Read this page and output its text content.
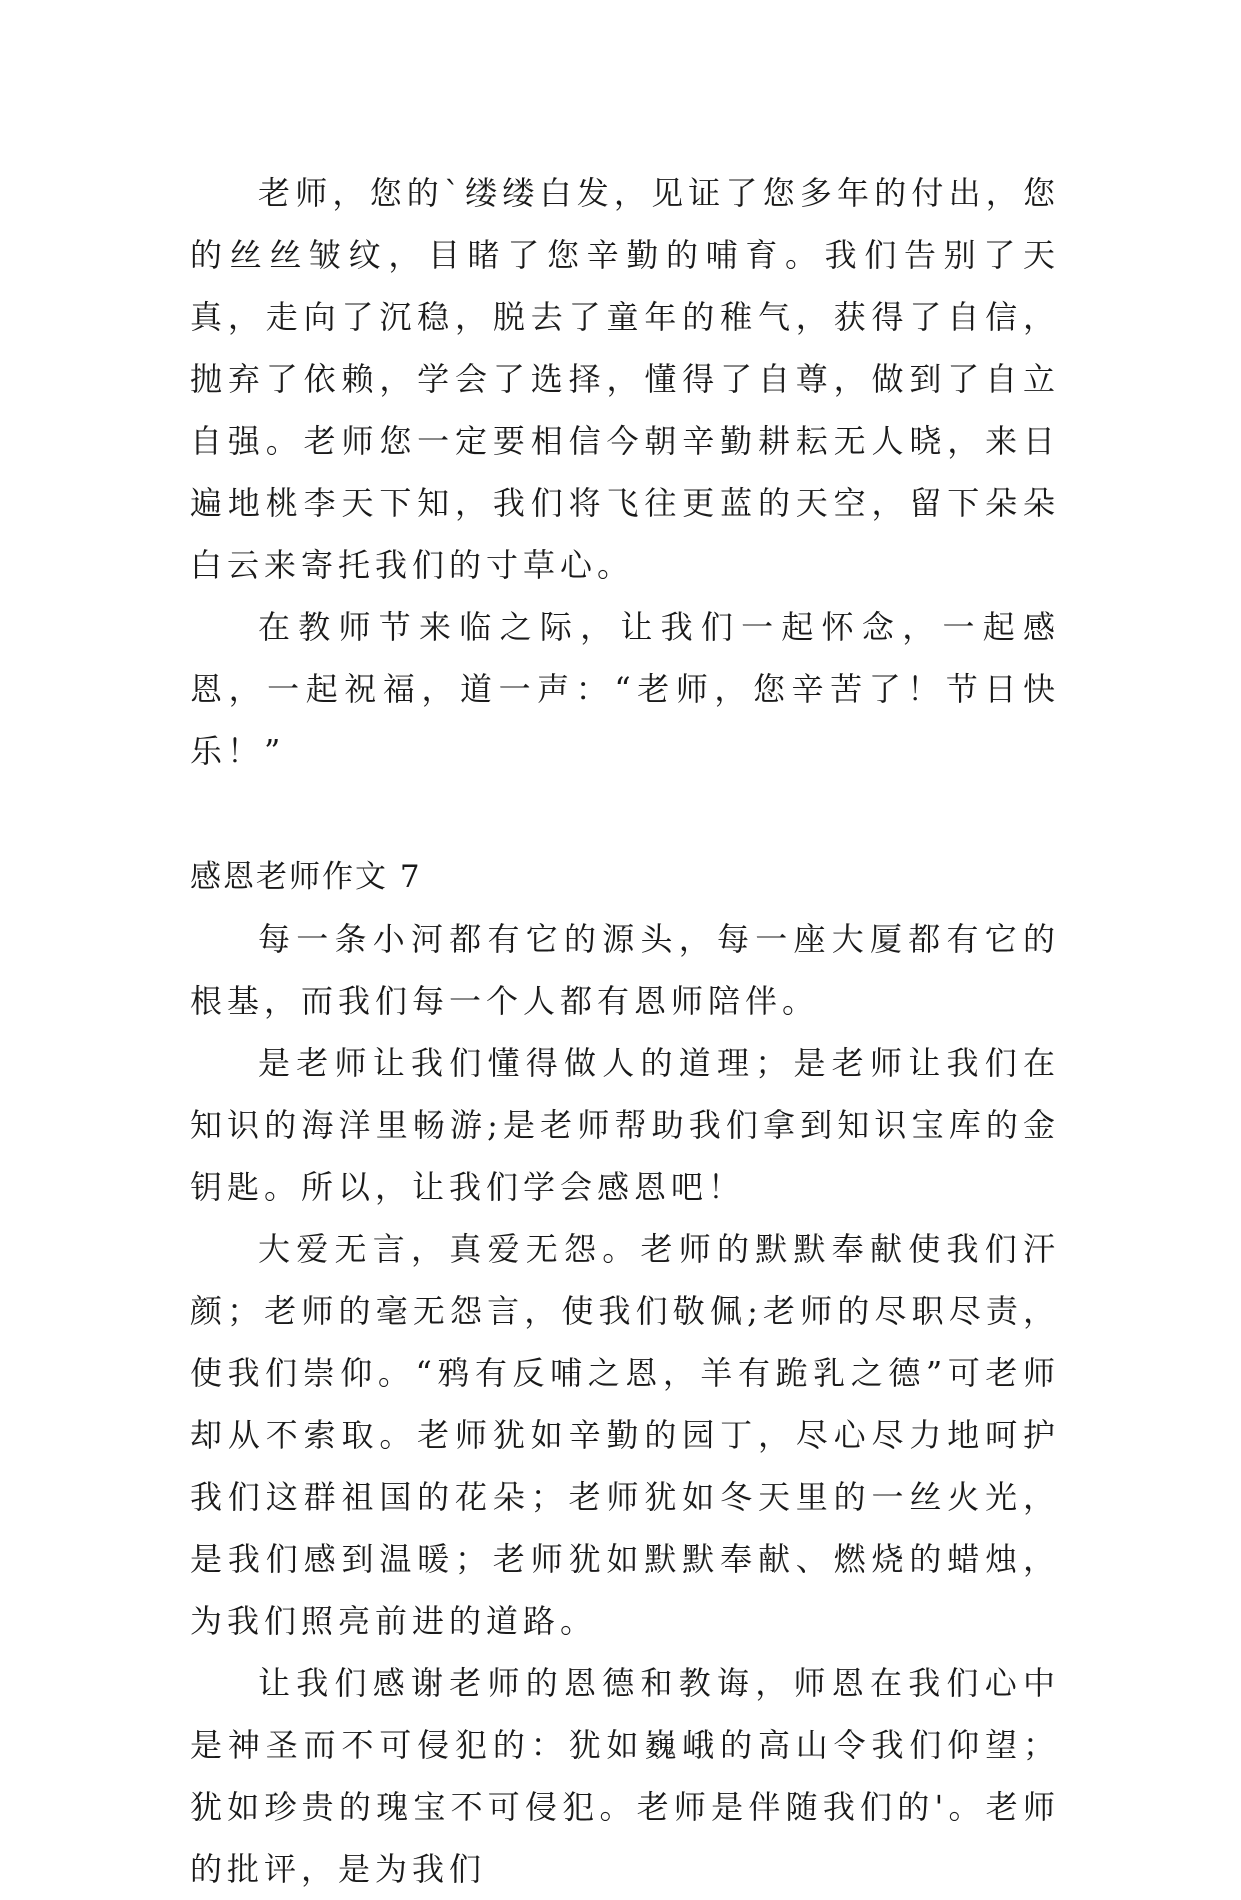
老师，您的`缕缕白发，见证了您多年的付出，您的丝丝皱纹，目睹了您辛勤的哺育。我们告别了天真，走向了沉稳，脱去了童年的稚气，获得了自信，抛弃了依赖，学会了选择，懂得了自尊，做到了自立自强。老师您一定要相信今朝辛勤耕耘无人晓，来日遍地桃李天下知，我们将飞往更蓝的天空，留下朵朵白云来寄托我们的寸草心。

在教师节来临之际，让我们一起怀念，一起感恩，一起祝福，道一声：“老师，您辛苦了！节日快乐！”

感恩老师作文 7

每一条小河都有它的源头，每一座大厦都有它的根基，而我们每一个人都有恩师陪伴。

是老师让我们懂得做人的道理；是老师让我们在知识的海洋里畅游;是老师帮助我们拿到知识宝库的金钥匙。所以，让我们学会感恩吧！

大爱无言，真爱无怨。老师的默默奉献使我们汗颜；老师的毫无怨言，使我们敬佩;老师的尽职尽责，使我们崇仰。“鸦有反哺之恩，羊有跪乳之德”可老师却从不索取。老师犹如辛勤的园丁，尽心尽力地呵护我们这群祖国的花朵；老师犹如冬天里的一丝火光，是我们感到温暖；老师犹如默默奉献、燃烧的蜡烛，为我们照亮前进的道路。

让我们感谢老师的恩德和教诲，师恩在我们心中是神圣而不可侵犯的：犹如巍峨的高山令我们仰望；犹如珍贵的瑰宝不可侵犯。老师是伴随我们的'。老师的批评，是为我们
